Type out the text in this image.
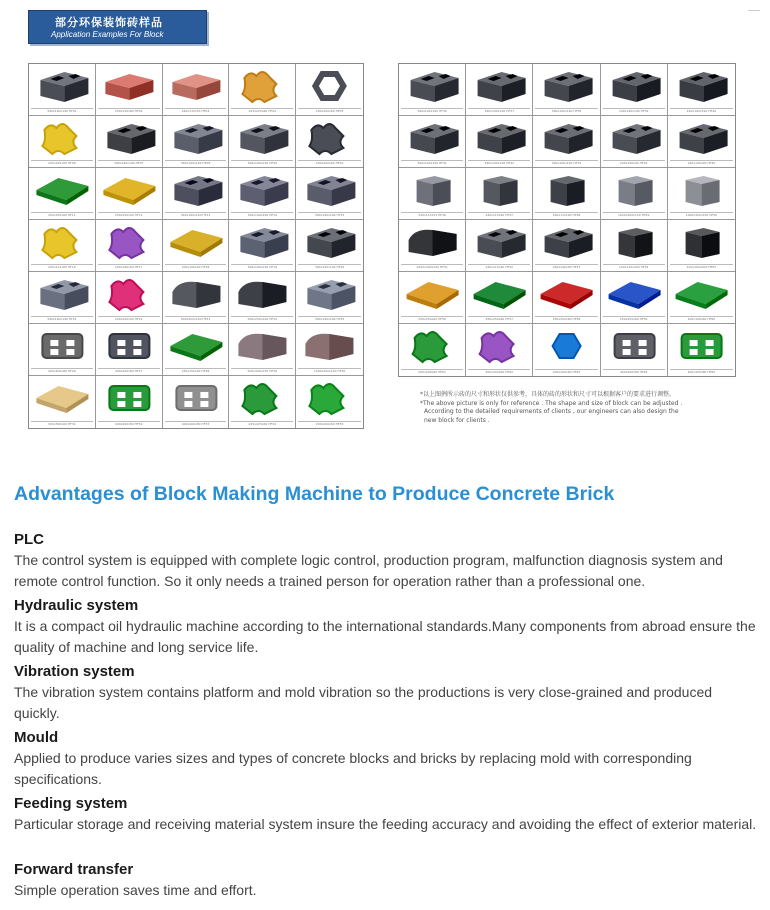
部分环保装饰砖样品
Application Examples For Block
390x190x190 HF01	250x150x80 HF02	240x115x53 HF03	225x225x60 HF04	200x200x60 HF05
225x225x60 HF06	390x190x190 HF07	390x190x190 HF08	390x190x190 HF09	200x200x60 HF10
250x250x60 HF11	250x250x60 HF12	390x190x190 HF13	390x190x190 HF14	390x190x190 HF15
225x112x60 HF16	200x160x60 HF17	200x100x60 HF18	390x190x190 HF19	390x190x190 HF20
390x190x190 HF21	200x200x60 HF22	500x250x100 HF23	500x250x100 HF24	390x190x190 HF25
400x400x80 HF26	400x400x80 HF27	250x150x60 HF28	500x300x150 HF29	1000x300x150 HF30
300x300x60 HF31	400x400x80 HF32	400x400x80 HF33	225x225x60 HF34	200x200x60 HF35
390x190x190 HF36	390x190x190 HF37	390x190x190 HF38	190x190x190 HF39	190x190x190 HF40
390x190x190 HF41	390x190x190 HF42	390x190x190 HF43	240x190x90 HF44	240x190x90 HF45
240x115x53 HF46	240x115x90 HF47	240x115x90 HF48	1000x300x150 HF49	1000x300x150 HF50
1000x300x150 HF51	240x115x90 HF52	240x240x90 HF53	120x120x200 HF54	100x100x200 HF55
250x250x60 HF56	250x250x60 HF57	250x250x60 HF58	250x250x60 HF59	200x100x60 HF60
200x200x60 HF61	200x200x60 HF62	200x200x60 HF63	400x400x80 HF64	400x400x80 HF65
*以上图例所示砖的尺寸和形状仅供参考，具体的砖的形状和尺寸可以根据客户的要求进行调整。
*The above picture is only for reference . The shape and size of block can be adjusted .
According to the detailed requirements of clients , our engineers can also design the
new block for clients .
Advantages of Block Making Machine to Produce Concrete Brick
PLC

The control system is equipped with complete logic control, production program, malfunction diagnosis system and remote control function. So it only needs a trained person for operation rather than a professional one.

Hydraulic system

It is a compact oil hydraulic machine according to the international standards.Many components from abroad ensure the quality of machine and long service life.

Vibration system

The vibration system contains platform and mold vibration so the productions is very close-grained and produced quickly.

Mould

Applied to produce varies sizes and types of concrete blocks and bricks by replacing mold with corresponding specifications.

Feeding system

Particular storage and receiving material system insure the feeding accuracy and avoiding the effect of exterior material.

Forward transfer

Simple operation saves time and effort.
